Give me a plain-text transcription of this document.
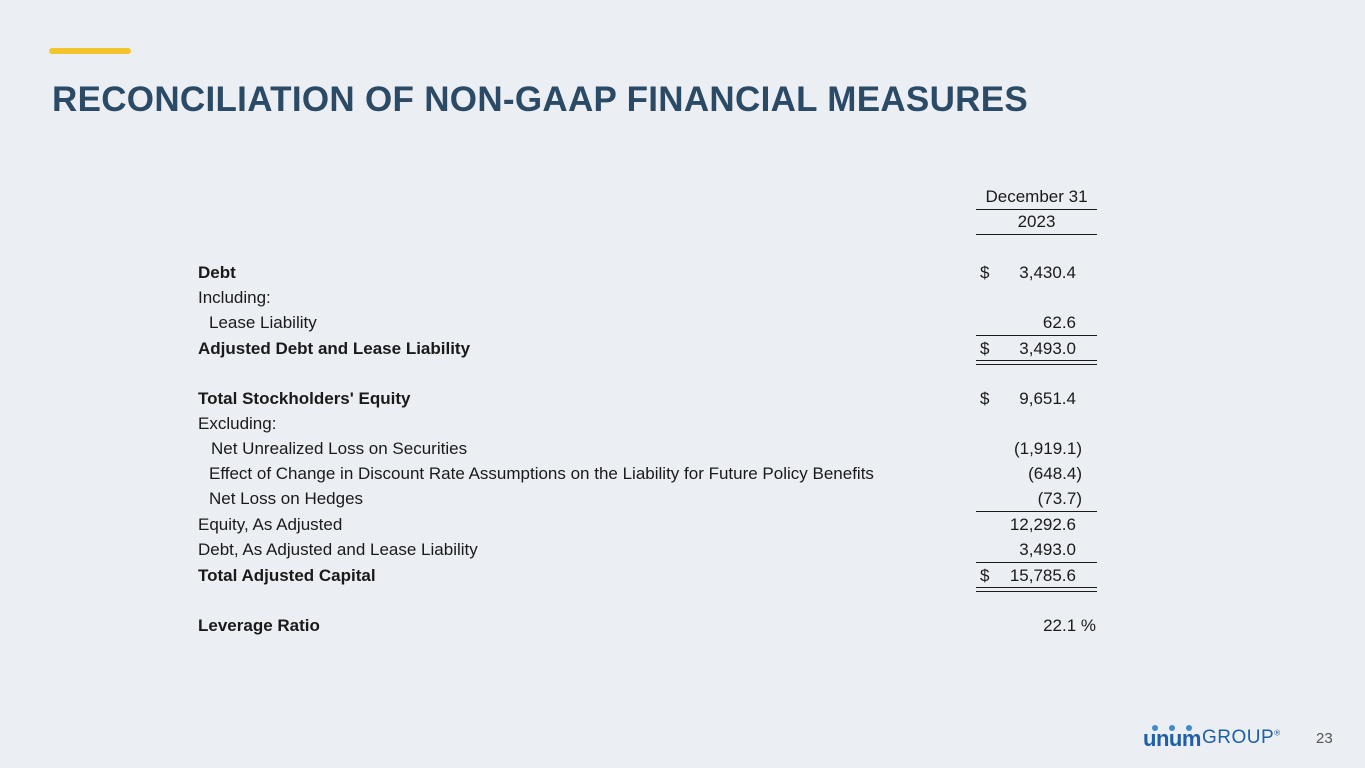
RECONCILIATION OF NON-GAAP FINANCIAL MEASURES
December 31
2023
Debt	$ 3,430.4
Including:
Lease Liability	62.6
Adjusted Debt and Lease Liability	$ 3,493.0
Total Stockholders' Equity	$ 9,651.4
Excluding:
Net Unrealized Loss on Securities	(1,919.1)
Effect of Change in Discount Rate Assumptions on the Liability for Future Policy Benefits	(648.4)
Net Loss on Hedges	(73.7)
Equity, As Adjusted	12,292.6
Debt, As Adjusted and Lease Liability	3,493.0
Total Adjusted Capital	$ 15,785.6
Leverage Ratio	22.1 %
unum GROUP® 23
